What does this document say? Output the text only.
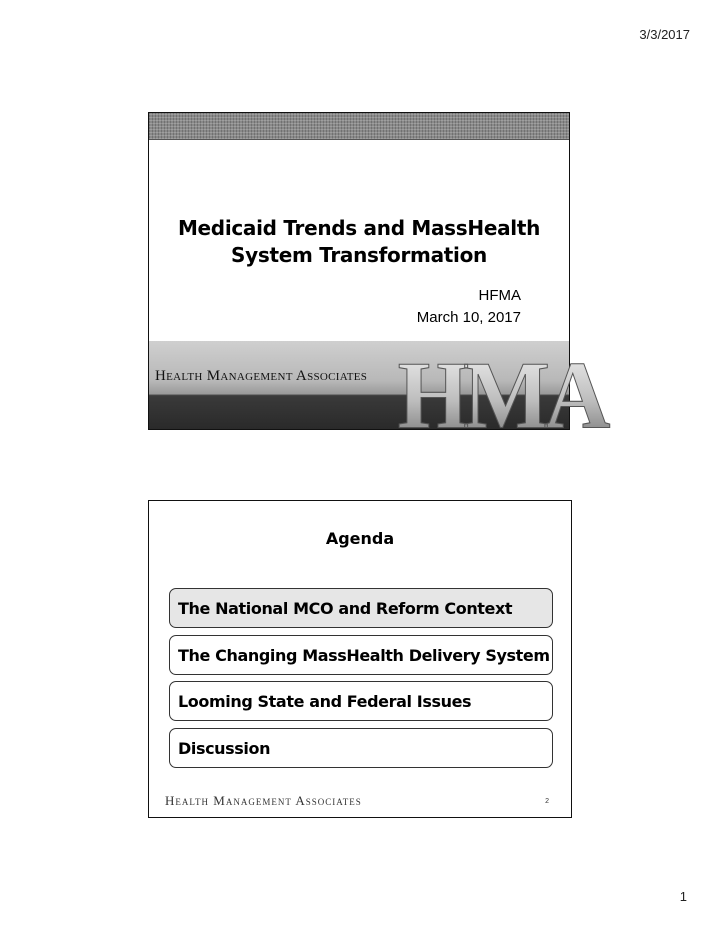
3/3/2017
Medicaid Trends and MassHealth
System Transformation
HFMA
March 10, 2017
Health Management Associates HMA
Agenda
The National MCO and Reform Context
The Changing MassHealth Delivery System
Looming State and Federal Issues
Discussion
Health Management Associates	2
1
